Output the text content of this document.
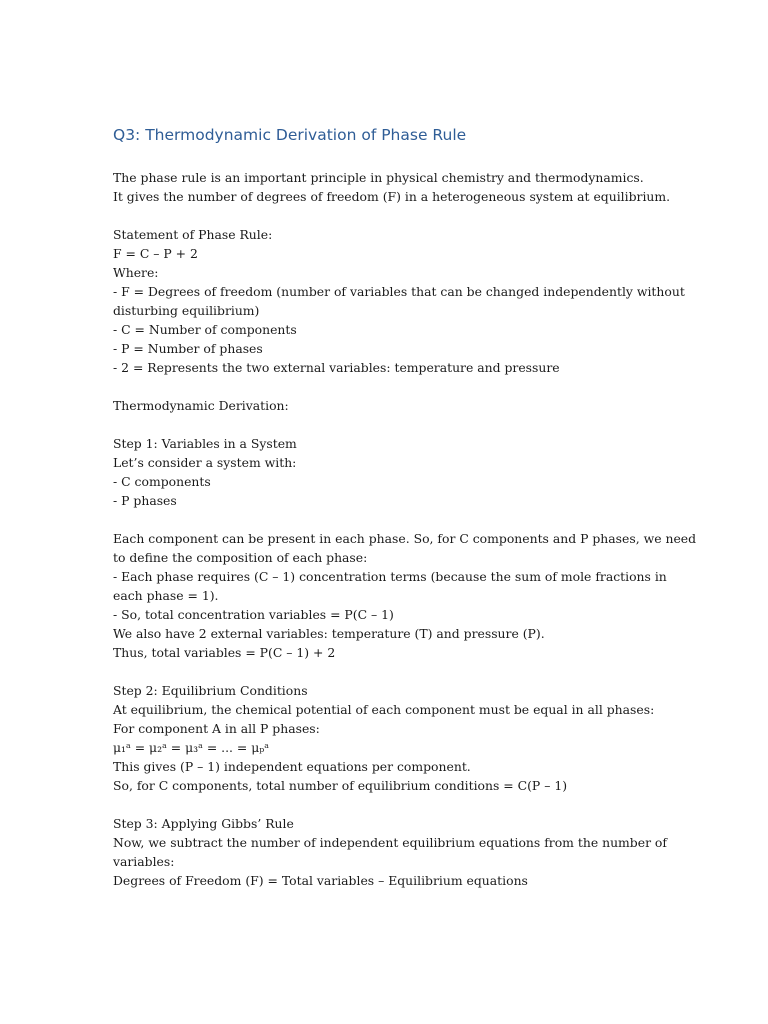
Q3: Thermodynamic Derivation of Phase Rule
The phase rule is an important principle in physical chemistry and thermodynamics.
It gives the number of degrees of freedom (F) in a heterogeneous system at equilibrium.
Statement of Phase Rule:
F = C – P + 2
Where:
- F = Degrees of freedom (number of variables that can be changed independently without
disturbing equilibrium)
- C = Number of components
- P = Number of phases
- 2 = Represents the two external variables: temperature and pressure
Thermodynamic Derivation:
Step 1: Variables in a System
Let’s consider a system with:
- C components
- P phases
Each component can be present in each phase. So, for C components and P phases, we need
to define the composition of each phase:
- Each phase requires (C – 1) concentration terms (because the sum of mole fractions in
each phase = 1).
- So, total concentration variables = P(C – 1)
We also have 2 external variables: temperature (T) and pressure (P).
Thus, total variables = P(C – 1) + 2
Step 2: Equilibrium Conditions
At equilibrium, the chemical potential of each component must be equal in all phases:
For component A in all P phases:
μ₁ᵃ = μ₂ᵃ = μ₃ᵃ = ... = μₚᵃ
This gives (P – 1) independent equations per component.
So, for C components, total number of equilibrium conditions = C(P – 1)
Step 3: Applying Gibbs’ Rule
Now, we subtract the number of independent equilibrium equations from the number of
variables:
Degrees of Freedom (F) = Total variables – Equilibrium equations
